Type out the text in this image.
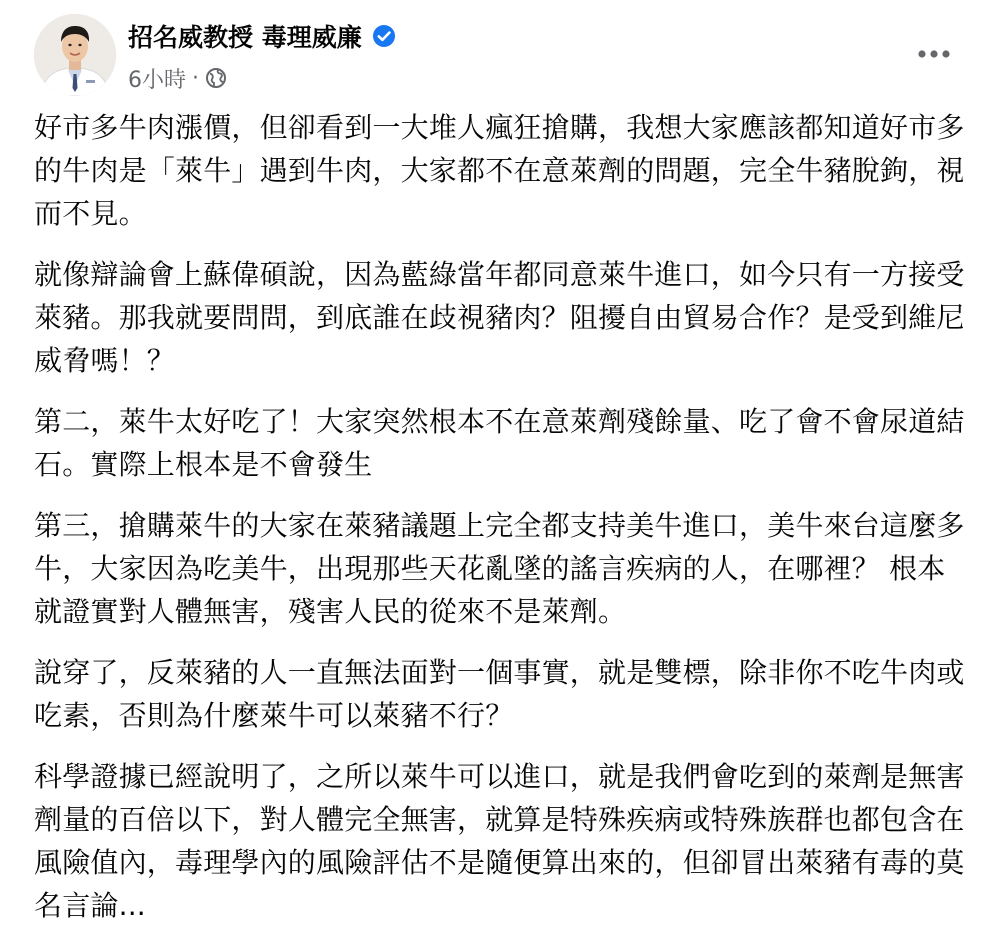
招名威教授 毒理威廉
6小時 ·

好市多牛肉漲價，但卻看到一大堆人瘋狂搶購，我想大家應該都知道好市多的牛肉是「萊牛」遇到牛肉，大家都不在意萊劑的問題，完全牛豬脫鉤，視而不見。

就像辯論會上蘇偉碩說，因為藍綠當年都同意萊牛進口，如今只有一方接受萊豬。那我就要問問，到底誰在歧視豬肉？阻擾自由貿易合作？是受到維尼威脅嗎！？

第二，萊牛太好吃了！大家突然根本不在意萊劑殘餘量、吃了會不會尿道結石。實際上根本是不會發生

第三，搶購萊牛的大家在萊豬議題上完全都支持美牛進口，美牛來台這麼多牛，大家因為吃美牛，出現那些天花亂墜的謠言疾病的人，在哪裡？ 根本就證實對人體無害，殘害人民的從來不是萊劑。

說穿了，反萊豬的人一直無法面對一個事實，就是雙標，除非你不吃牛肉或吃素，否則為什麼萊牛可以萊豬不行？

科學證據已經說明了，之所以萊牛可以進口，就是我們會吃到的萊劑是無害劑量的百倍以下，對人體完全無害，就算是特殊疾病或特殊族群也都包含在風險值內，毒理學內的風險評估不是隨便算出來的，但卻冒出萊豬有毒的莫名言論...
